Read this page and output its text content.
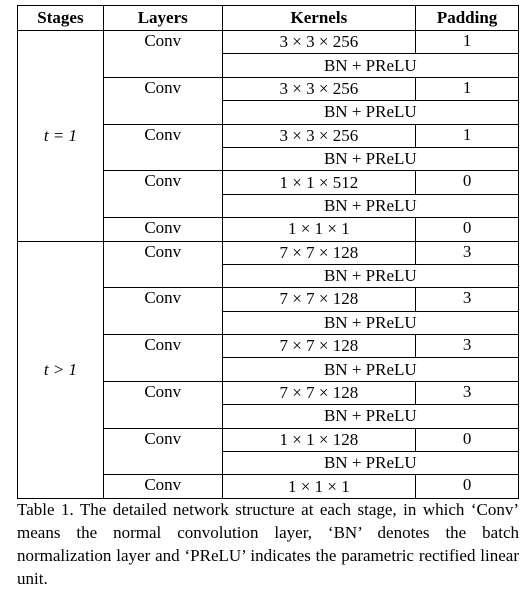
Stages	Layers	Kernels	Padding
t = 1	Conv	3 × 3 × 256	1
		BN + PReLU	
	Conv	3 × 3 × 256	1
		BN + PReLU	
	Conv	3 × 3 × 256	1
		BN + PReLU	
	Conv	1 × 1 × 512	0
		BN + PReLU	
	Conv	1 × 1 × 1	0
t > 1	Conv	7 × 7 × 128	3
		BN + PReLU	
	Conv	7 × 7 × 128	3
		BN + PReLU	
	Conv	7 × 7 × 128	3
		BN + PReLU	
	Conv	7 × 7 × 128	3
		BN + PReLU	
	Conv	1 × 1 × 128	0
		BN + PReLU	
	Conv	1 × 1 × 1	0
Table 1. The detailed network structure at each stage, in which ‘Conv’ means the normal convolution layer, ‘BN’ denotes the batch normalization layer and ‘PReLU’ indicates the parametric rectified linear unit.
